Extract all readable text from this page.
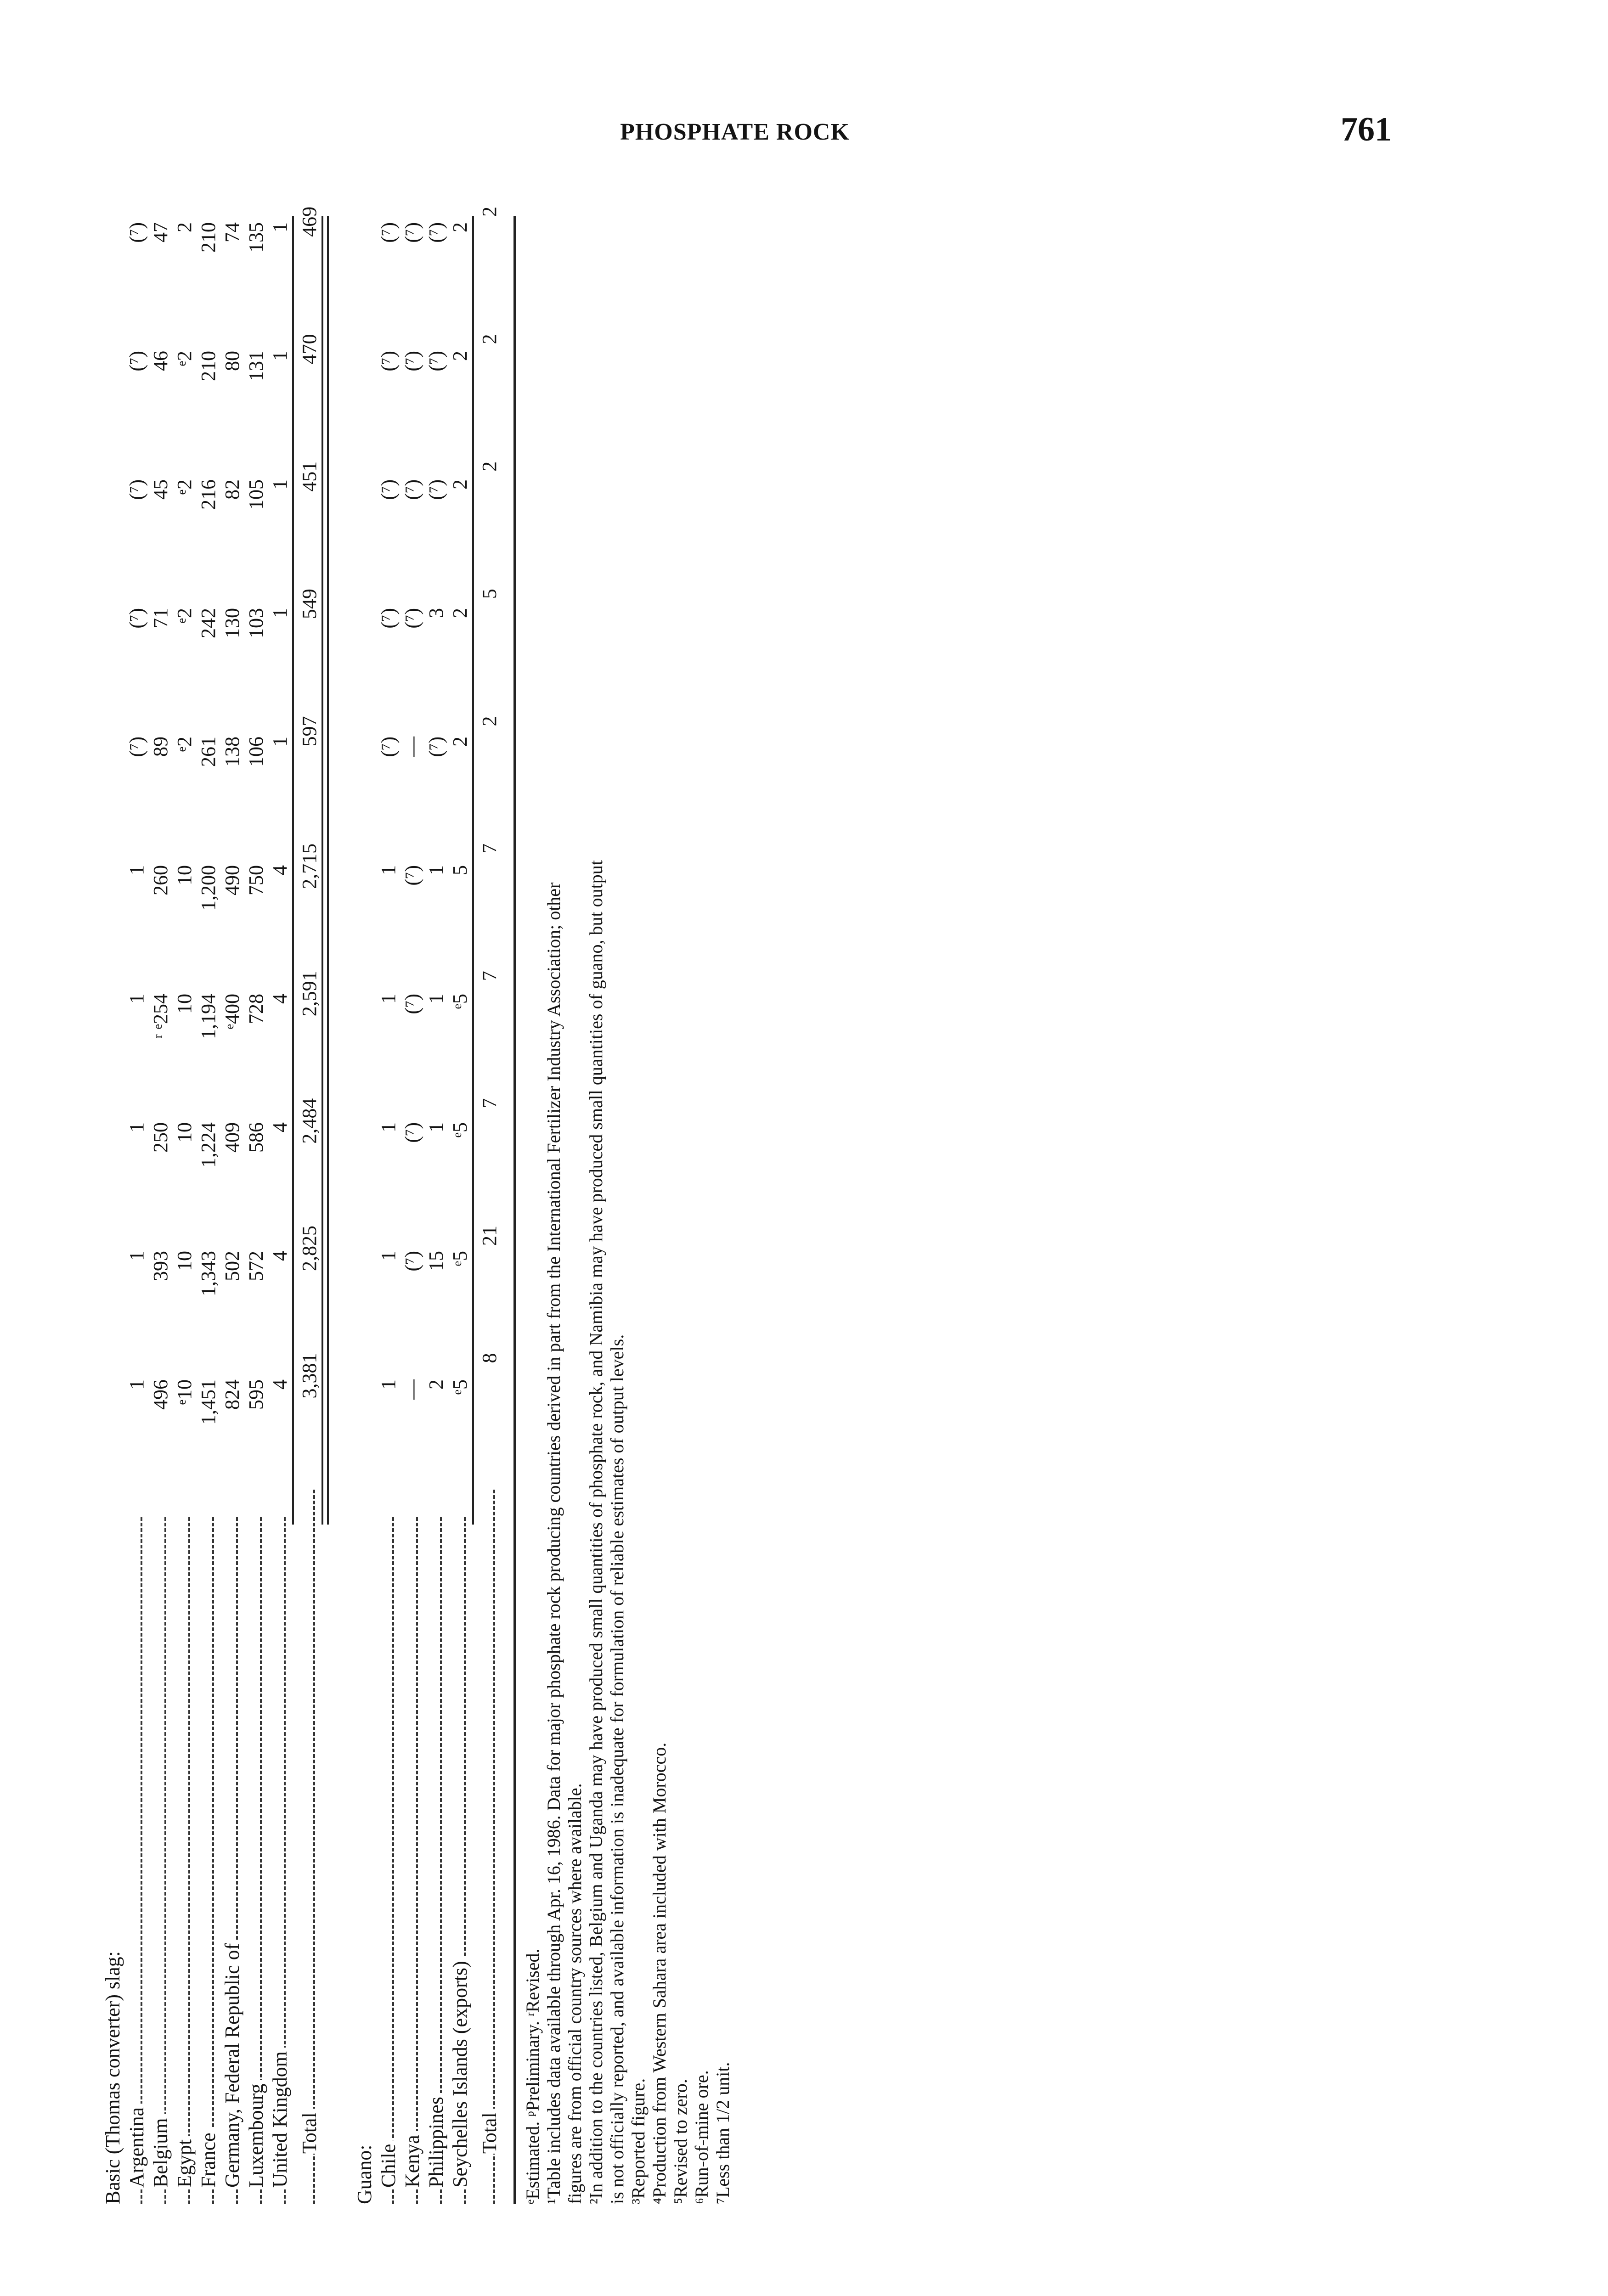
PHOSPHATE ROCK	761
Basic (Thomas converter) slag: Argentina
1
1
1
1
1
(⁷)
(⁷)
(⁷)
(⁷)
(⁷)
Belgium
496
393
250
ʳ ᵉ254
260
89
71
45
46
47
Egypt
ᵉ10
10
10
10
10
ᵉ2
ᵉ2
ᵉ2
ᵉ2
2
France
1,451
1,343
1,224
1,194
1,200
261
242
216
210
210
Germany, Federal Republic of
824
502
409
ᵉ400
490
138
130
82
80
74
Luxembourg
595
572
586
728
750
106
103
105
131
135
United Kingdom
4
4
4
4
4
1
1
1
1
1
Total
3,381
2,825
2,484
2,591
2,715
597
549
451
470
469
Guano: Chile
1
1
1
1
1
(⁷)
(⁷)
(⁷)
(⁷)
(⁷)
Kenya
—
(⁷)
(⁷)
(⁷)
(⁷)
—
(⁷)
(⁷)
(⁷)
(⁷)
Philippines
2
15
1
1
1
(⁷)
3
(⁷)
(⁷)
(⁷)
Seychelles Islands (exports)
ᵉ5
ᵉ5
ᵉ5
ᵉ5
5
2
2
2
2
2
Total
8
21
7
7
7
2
5
2
2
2
ᵉEstimated. ᵖPreliminary. ʳRevised. ¹Table includes data available through Apr. 16, 1986. Data for major phosphate rock producing countries derived in part from the International Fertilizer Industry Association; other figures are from official country sources where available. ²In addition to the countries listed, Belgium and Uganda may have produced small quantities of phosphate rock, and Namibia may have produced small quantities of guano, but output is not officially reported, and available information is inadequate for formulation of reliable estimates of output levels. ³Reported figure. ⁴Production from Western Sahara area included with Morocco. ⁵Revised to zero. ⁶Run-of-mine ore. ⁷Less than 1/2 unit.
